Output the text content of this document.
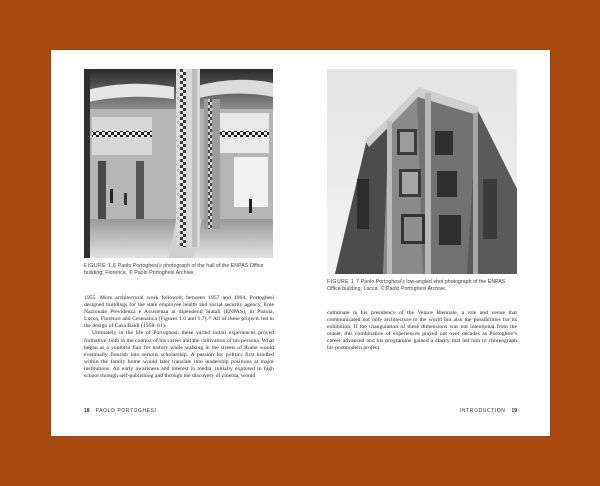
FIGURE 1.6 Paolo Portoghesi's photograph of the hall of the ENPAS Office building, Florence. © Paolo Portoghesi Archive.

1955. More architectural work followed; between 1957 and 1964, Portoghesi designed buildings for the state employee health and social security agency, Ente Nazionale Previdenza e Assistenza ai dipendenti Statali (ENPAS), in Pistoia, Lucca, Florence and Cesenatica (Figures 1.6 and 1.7).²⁶ All of these projects led to the design of Casa Baldi (1958–61).

Ultimately in the life of Portoghesi, these varied initial experiences proved formative, both in the context of his career and the cultivation of his persona. What began as a youthful flair for history while walking in the streets of Rome would eventually flourish into serious scholarship. A passion for politics first kindled within the family home would later translate into leadership positions at major institutions. An early awareness and interest in media, initially explored in high school through self-publishing and through the discovery of cinema, would

18 PAOLO PORTOGHESI
FIGURE 1.7 Paolo Portoghesi's low-angled shot photograph of the ENPAS Office building, Lucca. © Paolo Portoghesi Archive.

culminate in his presidency of the Venice Biennale, a role and venue that communicated not only architecture to the world but also the possibilities for its exhibition. If the triangulation of these dimensions was not intentional from the outset, this combination of experiences played out over decades as Portoghesi's career advanced and his programme gained a clarity that led him to choreograph his postmodern project.

INTRODUCTION 19
